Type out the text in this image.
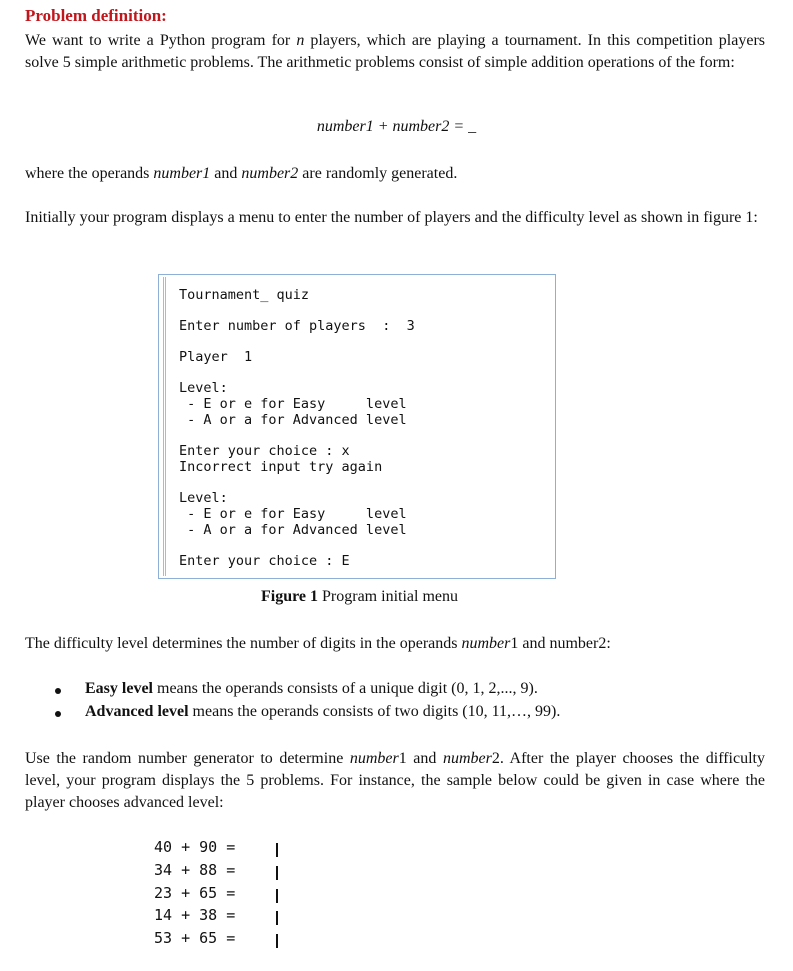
Problem definition:
We want to write a Python program for n players, which are playing a tournament. In this competition players solve 5 simple arithmetic problems. The arithmetic problems consist of simple addition operations of the form:
number1 + number2 = _
where the operands number1 and number2 are randomly generated.
Initially your program displays a menu to enter the number of players and the difficulty level as shown in figure 1:
Tournament_ quiz

Enter number of players  :  3

Player  1

Level:
- E or e for Easy     level
- A or a for Advanced level

Enter your choice : x
Incorrect input try again

Level:
- E or e for Easy     level
- A or a for Advanced level

Enter your choice : E
Figure 1 Program initial menu
The difficulty level determines the number of digits in the operands number1 and number2:
Easy level means the operands consists of a unique digit (0, 1, 2,..., 9).
Advanced level means the operands consists of two digits (10, 11,…, 99).
Use the random number generator to determine number1 and number2. After the player chooses the difficulty level, your program displays the 5 problems. For instance, the sample below could be given in case where the player chooses advanced level:
40 + 90 =
34 + 88 =
23 + 65 =
14 + 38 =
53 + 65 =
